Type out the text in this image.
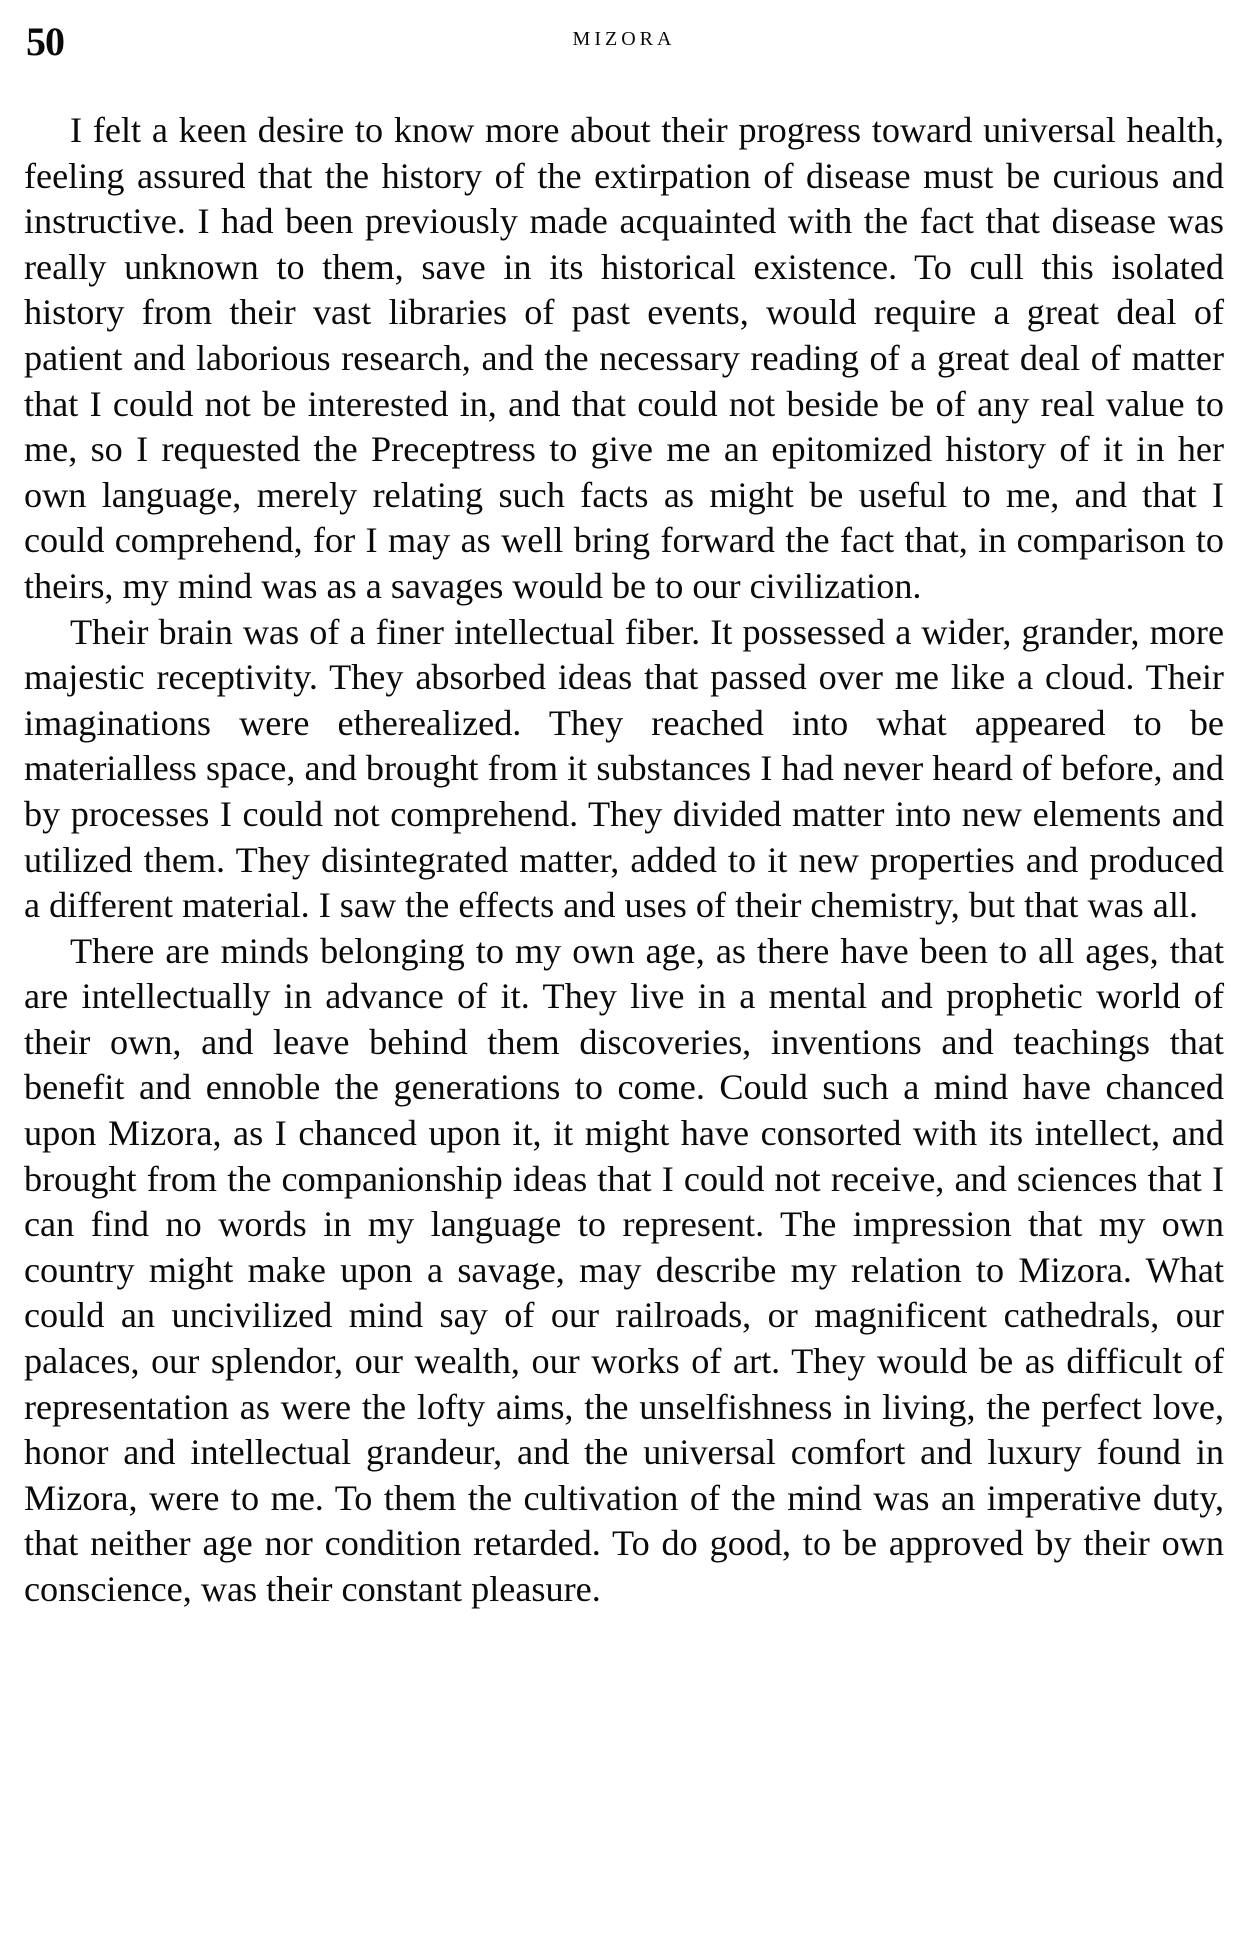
50	MIZORA

I felt a keen desire to know more about their progress toward universal health, feeling assured that the history of the extirpation of disease must be curious and instructive. I had been previously made acquainted with the fact that disease was really unknown to them, save in its historical existence. To cull this isolated history from their vast libraries of past events, would require a great deal of patient and laborious research, and the necessary reading of a great deal of matter that I could not be interested in, and that could not beside be of any real value to me, so I requested the Preceptress to give me an epitomized history of it in her own language, merely relating such facts as might be useful to me, and that I could comprehend, for I may as well bring forward the fact that, in comparison to theirs, my mind was as a savages would be to our civilization.

Their brain was of a finer intellectual fiber. It possessed a wider, grander, more majestic receptivity. They absorbed ideas that passed over me like a cloud. Their imaginations were etherealized. They reached into what appeared to be materialless space, and brought from it substances I had never heard of before, and by processes I could not comprehend. They divided matter into new elements and utilized them. They disintegrated matter, added to it new properties and produced a different material. I saw the effects and uses of their chemistry, but that was all.

There are minds belonging to my own age, as there have been to all ages, that are intellectually in advance of it. They live in a mental and prophetic world of their own, and leave behind them discoveries, inventions and teachings that benefit and ennoble the generations to come. Could such a mind have chanced upon Mizora, as I chanced upon it, it might have consorted with its intellect, and brought from the companionship ideas that I could not receive, and sciences that I can find no words in my language to represent. The impression that my own country might make upon a savage, may describe my relation to Mizora. What could an uncivilized mind say of our railroads, or magnificent cathedrals, our palaces, our splendor, our wealth, our works of art. They would be as difficult of representation as were the lofty aims, the unselfishness in living, the perfect love, honor and intellectual grandeur, and the universal comfort and luxury found in Mizora, were to me. To them the cultivation of the mind was an imperative duty, that neither age nor condition retarded. To do good, to be approved by their own conscience, was their constant pleasure.
